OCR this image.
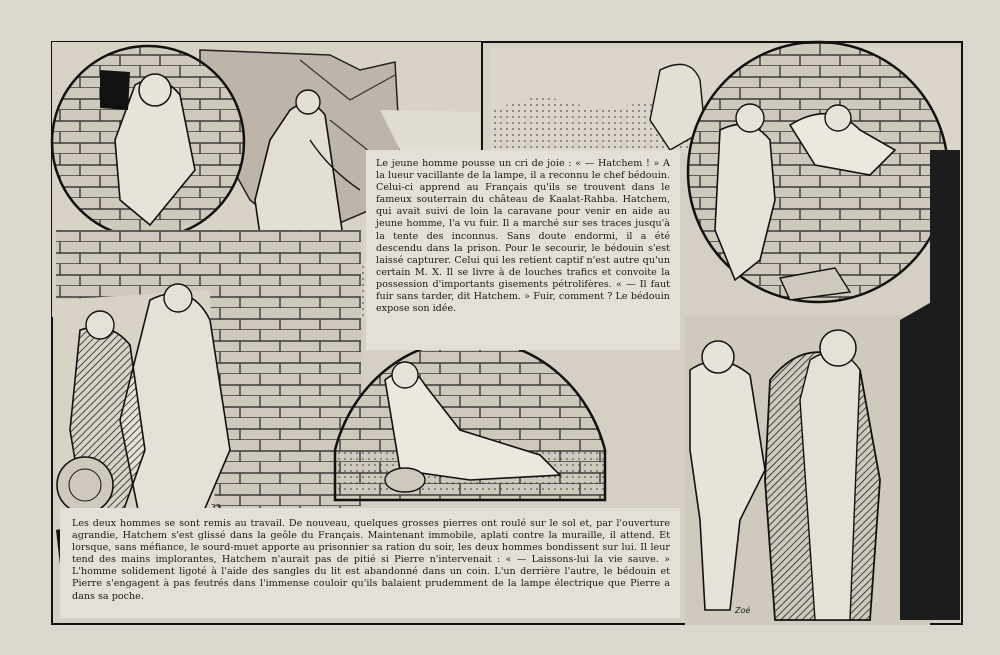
Le jeune homme pousse un cri de joie : « — Hatchem ! » A la lueur vacillante de la lampe, il a reconnu le chef bédouin. Celui-ci apprend au Français qu'ils se trouvent dans le fameux souterrain du château de Kaalat-Rahba. Hatchem, qui avait suivi de loin la caravane pour venir en aide au jeune homme, l'a vu fuir. Il a marché sur ses traces jusqu'à la tente des inconnus. Sans doute endormi, il a été descendu dans la prison. Pour le secourir, le bédouin s'est laissé capturer. Celui qui les retient captif n'est autre qu'un certain M. X. Il se livre à de louches trafics et convoite la possession d'importants gisements pétrolifères. « — Il faut fuir sans tarder, dit Hatchem. » Fuir, comment ? Le bédouin expose son idée.
Les deux hommes se sont remis au travail. De nouveau, quelques grosses pierres ont roulé sur le sol et, par l'ouverture agrandie, Hatchem s'est glissé dans la geôle du Français. Maintenant immobile, aplati contre la muraille, il attend. Et lorsque, sans méfiance, le sourd-muet apporte au prisonnier sa ration du soir, les deux hommes bondissent sur lui. Il leur tend des mains implorantes, Hatchem n'aurait pas de pitié si Pierre n'intervenait : « — Laissons-lui la vie sauve. » L'homme solidement ligoté à l'aide des sangles du lit est abandonné dans un coin. L'un derrière l'autre, le bédouin et Pierre s'engagent à pas feutrés dans l'immense couloir qu'ils balaient prudemment de la lampe électrique que Pierre a dans sa poche.
Zoé
